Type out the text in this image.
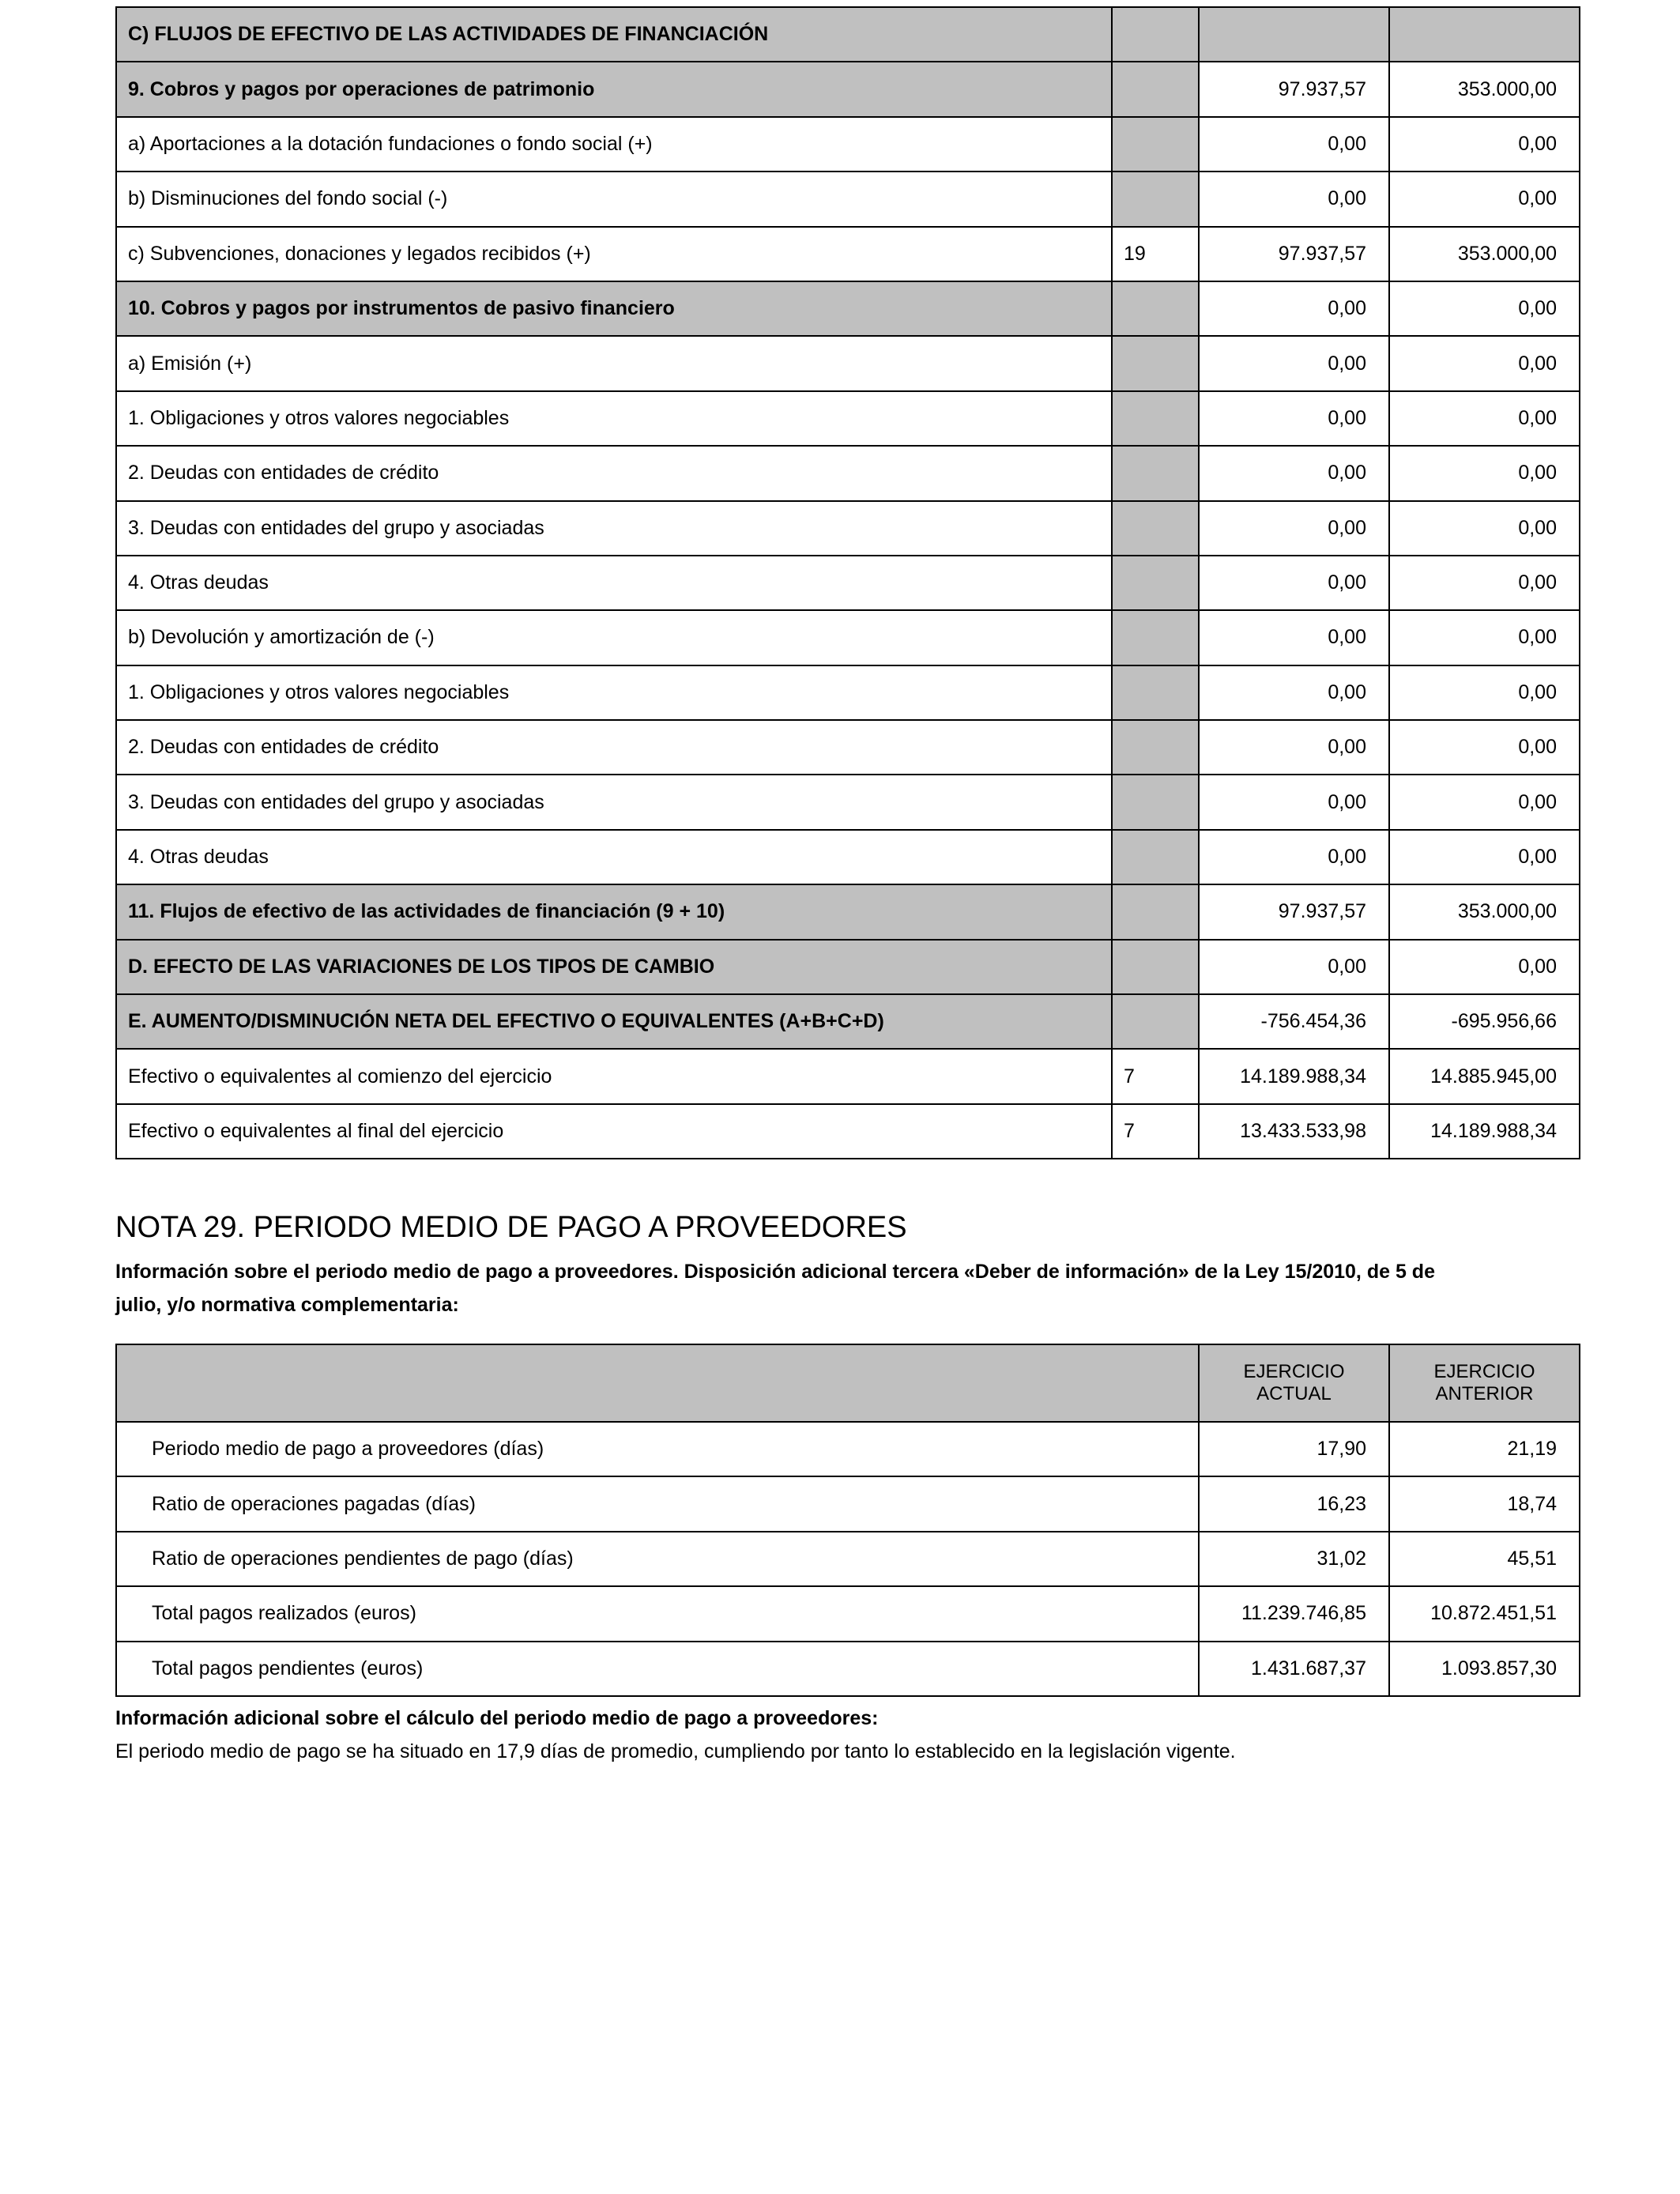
C) FLUJOS DE EFECTIVO DE LAS ACTIVIDADES DE FINANCIACIÓN			
9. Cobros y pagos por operaciones de patrimonio		97.937,57	353.000,00
a) Aportaciones a la dotación fundaciones o fondo social (+)		0,00	0,00
b) Disminuciones del fondo social (-)		0,00	0,00
c) Subvenciones, donaciones y legados recibidos (+)	19	97.937,57	353.000,00
10. Cobros y pagos por instrumentos de pasivo financiero		0,00	0,00
a) Emisión (+)		0,00	0,00
1. Obligaciones y otros valores negociables		0,00	0,00
2. Deudas con entidades de crédito		0,00	0,00
3. Deudas con entidades del grupo y asociadas		0,00	0,00
4. Otras deudas		0,00	0,00
b) Devolución y amortización de (-)		0,00	0,00
1. Obligaciones y otros valores negociables		0,00	0,00
2. Deudas con entidades de crédito		0,00	0,00
3. Deudas con entidades del grupo y asociadas		0,00	0,00
4. Otras deudas		0,00	0,00
11. Flujos de efectivo de las actividades de financiación (9 + 10)		97.937,57	353.000,00
D. EFECTO DE LAS VARIACIONES DE LOS TIPOS DE CAMBIO		0,00	0,00
E. AUMENTO/DISMINUCIÓN NETA DEL EFECTIVO O EQUIVALENTES (A+B+C+D)		-756.454,36	-695.956,66
Efectivo o equivalentes al comienzo del ejercicio	7	14.189.988,34	14.885.945,00
Efectivo o equivalentes al final del ejercicio	7	13.433.533,98	14.189.988,34
NOTA 29. PERIODO MEDIO DE PAGO A PROVEEDORES

Información sobre el periodo medio de pago a proveedores. Disposición adicional tercera «Deber de información» de la Ley 15/2010, de 5 de julio, y/o normativa complementaria:

	EJERCICIO ACTUAL	EJERCICIO ANTERIOR
Periodo medio de pago a proveedores (días)	17,90	21,19
Ratio de operaciones pagadas (días)	16,23	18,74
Ratio de operaciones pendientes de pago (días)	31,02	45,51
Total pagos realizados (euros)	11.239.746,85	10.872.451,51
Total pagos pendientes (euros)	1.431.687,37	1.093.857,30

Información adicional sobre el cálculo del periodo medio de pago a proveedores:

El periodo medio de pago se ha situado en 17,9 días de promedio, cumpliendo por tanto lo establecido en la legislación vigente.
